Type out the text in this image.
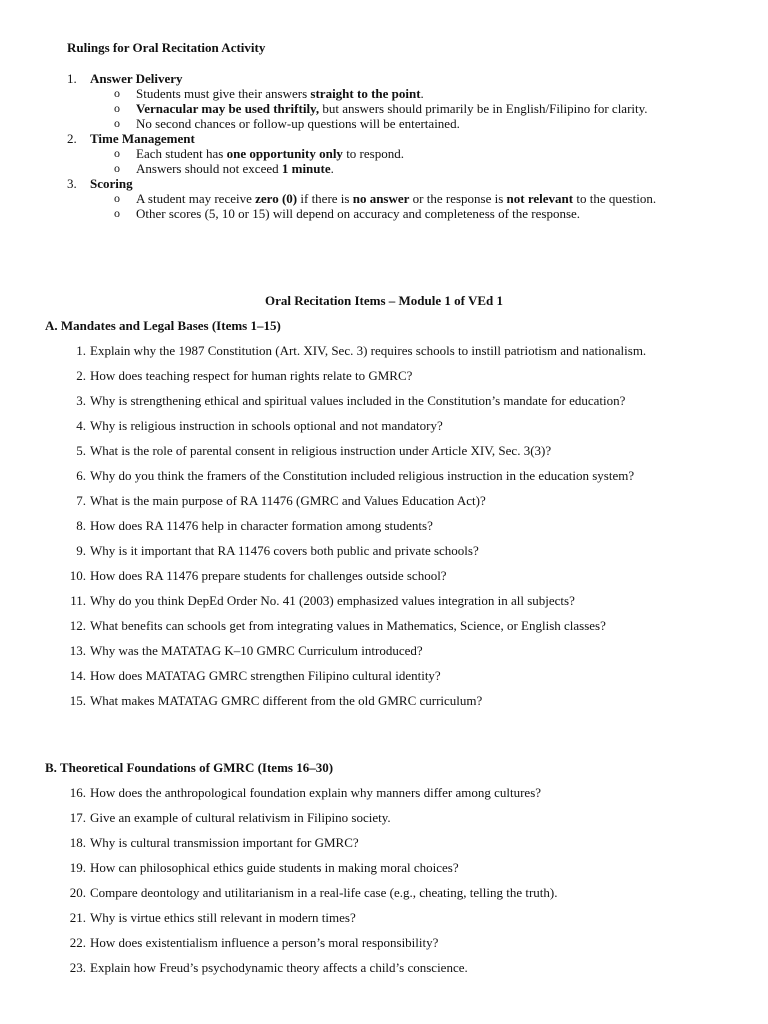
Rulings for Oral Recitation Activity
1.	Answer Delivery
o Students must give their answers straight to the point.
o Vernacular may be used thriftily, but answers should primarily be in English/Filipino for clarity.
o No second chances or follow-up questions will be entertained.
2.	Time Management
o Each student has one opportunity only to respond.
o Answers should not exceed 1 minute.
3.	Scoring
o A student may receive zero (0) if there is no answer or the response is not relevant to the question.
o Other scores (5, 10 or 15) will depend on accuracy and completeness of the response.
Oral Recitation Items – Module 1 of VEd 1
A. Mandates and Legal Bases (Items 1–15)
1. Explain why the 1987 Constitution (Art. XIV, Sec. 3) requires schools to instill patriotism and nationalism.
2. How does teaching respect for human rights relate to GMRC?
3. Why is strengthening ethical and spiritual values included in the Constitution’s mandate for education?
4. Why is religious instruction in schools optional and not mandatory?
5. What is the role of parental consent in religious instruction under Article XIV, Sec. 3(3)?
6. Why do you think the framers of the Constitution included religious instruction in the education system?
7. What is the main purpose of RA 11476 (GMRC and Values Education Act)?
8. How does RA 11476 help in character formation among students?
9. Why is it important that RA 11476 covers both public and private schools?
10. How does RA 11476 prepare students for challenges outside school?
11. Why do you think DepEd Order No. 41 (2003) emphasized values integration in all subjects?
12. What benefits can schools get from integrating values in Mathematics, Science, or English classes?
13. Why was the MATATAG K–10 GMRC Curriculum introduced?
14. How does MATATAG GMRC strengthen Filipino cultural identity?
15. What makes MATATAG GMRC different from the old GMRC curriculum?
B. Theoretical Foundations of GMRC (Items 16–30)
16. How does the anthropological foundation explain why manners differ among cultures?
17. Give an example of cultural relativism in Filipino society.
18. Why is cultural transmission important for GMRC?
19. How can philosophical ethics guide students in making moral choices?
20. Compare deontology and utilitarianism in a real-life case (e.g., cheating, telling the truth).
21. Why is virtue ethics still relevant in modern times?
22. How does existentialism influence a person’s moral responsibility?
23. Explain how Freud’s psychodynamic theory affects a child’s conscience.
